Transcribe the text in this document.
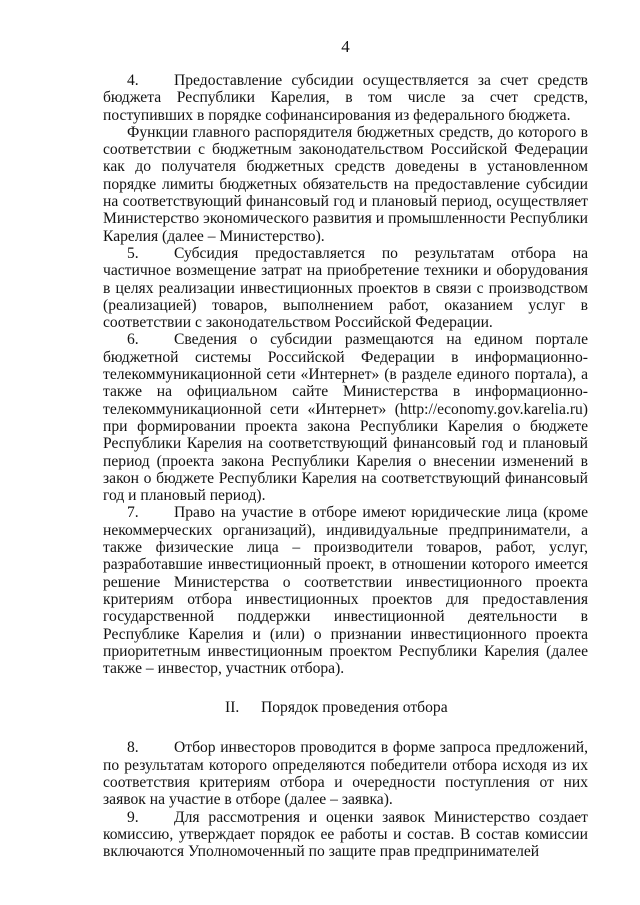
4

4. Предоставление субсидии осуществляется за счет средств бюджета Республики Карелия, в том числе за счет средств, поступивших в порядке софинансирования из федерального бюджета.

Функции главного распорядителя бюджетных средств, до которого в соответствии с бюджетным законодательством Российской Федерации как до получателя бюджетных средств доведены в установленном порядке лимиты бюджетных обязательств на предоставление субсидии на соответствующий финансовый год и плановый период, осуществляет Министерство экономического развития и промышленности Республики Карелия (далее – Министерство).

5. Субсидия предоставляется по результатам отбора на частичное возмещение затрат на приобретение техники и оборудования в целях реализации инвестиционных проектов в связи с производством (реализацией) товаров, выполнением работ, оказанием услуг в соответствии с законодательством Российской Федерации.

6. Сведения о субсидии размещаются на едином портале бюджетной системы Российской Федерации в информационно-телекоммуникационной сети «Интернет» (в разделе единого портала), а также на официальном сайте Министерства в информационно-телекоммуникационной сети «Интернет» (http://economy.gov.karelia.ru) при формировании проекта закона Республики Карелия о бюджете Республики Карелия на соответствующий финансовый год и плановый период (проекта закона Республики Карелия о внесении изменений в закон о бюджете Республики Карелия на соответствующий финансовый год и плановый период).

7. Право на участие в отборе имеют юридические лица (кроме некоммерческих организаций), индивидуальные предприниматели, а также физические лица – производители товаров, работ, услуг, разработавшие инвестиционный проект, в отношении которого имеется решение Министерства о соответствии инвестиционного проекта критериям отбора инвестиционных проектов для предоставления государственной поддержки инвестиционной деятельности в Республике Карелия и (или) о признании инвестиционного проекта приоритетным инвестиционным проектом Республики Карелия (далее также – инвестор, участник отбора).

II. Порядок проведения отбора

8. Отбор инвесторов проводится в форме запроса предложений, по результатам которого определяются победители отбора исходя из их соответствия критериям отбора и очередности поступления от них заявок на участие в отборе (далее – заявка).

9. Для рассмотрения и оценки заявок Министерство создает комиссию, утверждает порядок ее работы и состав. В состав комиссии включаются Уполномоченный по защите прав предпринимателей
